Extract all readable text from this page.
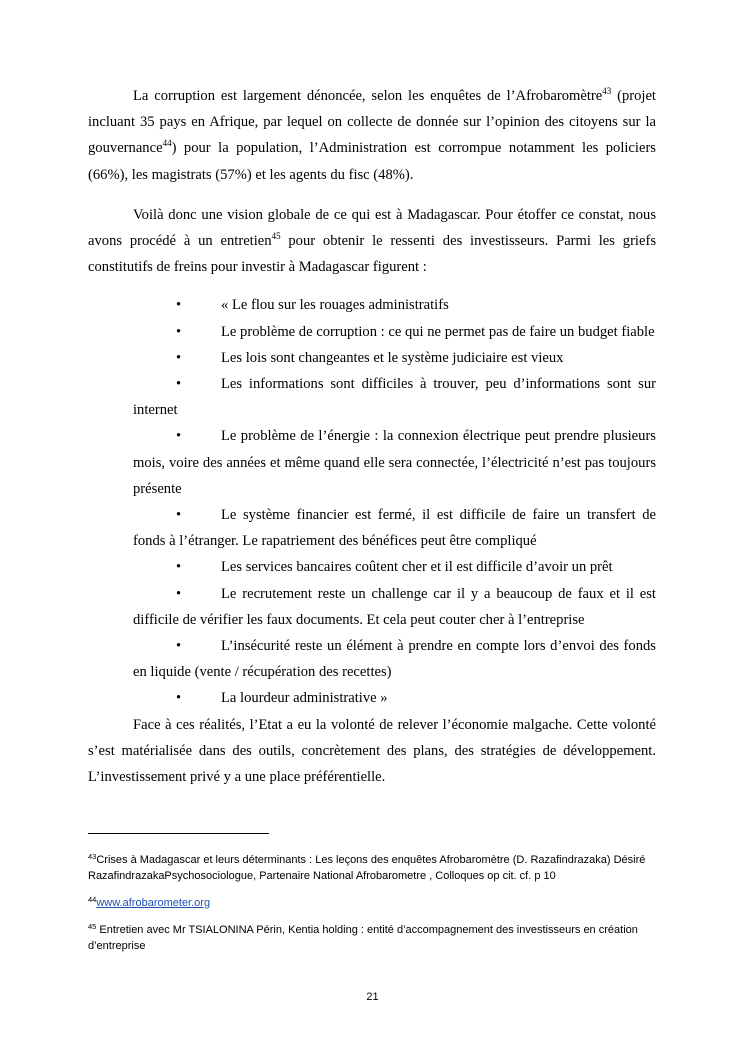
La corruption est largement dénoncée, selon les enquêtes de l’Afrobaromètre$^{43}$ (projet incluant 35 pays en Afrique, par lequel on collecte de donnée sur l’opinion des citoyens sur la gouvernance$^{44}$) pour la population, l’Administration est corrompue notamment les policiers (66%), les magistrats (57%) et les agents du fisc (48%).

Voilà donc une vision globale de ce qui est à Madagascar. Pour étoffer ce constat, nous avons procédé à un entretien$^{45}$ pour obtenir le ressenti des investisseurs. Parmi les griefs constitutifs de freins pour investir à Madagascar figurent :

•	« Le flou sur les rouages administratifs
•	Le problème de corruption : ce qui ne permet pas de faire un budget fiable
•	Les lois sont changeantes et le système judiciaire est vieux
•	Les informations sont difficiles à trouver, peu d’informations sont sur internet
•	Le problème de l’énergie : la connexion électrique peut prendre plusieurs mois, voire des années et même quand elle sera connectée, l’électricité n’est pas toujours présente
•	Le système financier est fermé, il est difficile de faire un transfert de fonds à l’étranger. Le rapatriement des bénéfices peut être compliqué
•	Les services bancaires coûtent cher et il est difficile d’avoir un prêt
•	Le recrutement reste un challenge car il y a beaucoup de faux et il est difficile de vérifier les faux documents. Et cela peut couter cher à l’entreprise
•	L’insécurité reste un élément à prendre en compte lors d’envoi des fonds en liquide (vente / récupération des recettes)
•	La lourdeur administrative »

Face à ces réalités, l’Etat a eu la volonté de relever l’économie malgache. Cette volonté s’est matérialisée dans des outils, concrètement des plans, des stratégies de développement. L’investissement privé y a une place préférentielle.

$^{43}$Crises à Madagascar et leurs déterminants : Les leçons des enquêtes Afrobaromètre (D. Razafindrazaka) Désiré RazafindrazakaPsychosociologue, Partenaire National Afrobarometre , Colloques op cit. cf. p 10
$^{44}$www.afrobarometer.org
$^{45}$ Entretien avec Mr TSIALONINA Périn, Kentia holding : entité d’accompagnement des investisseurs en création d’entreprise
21
